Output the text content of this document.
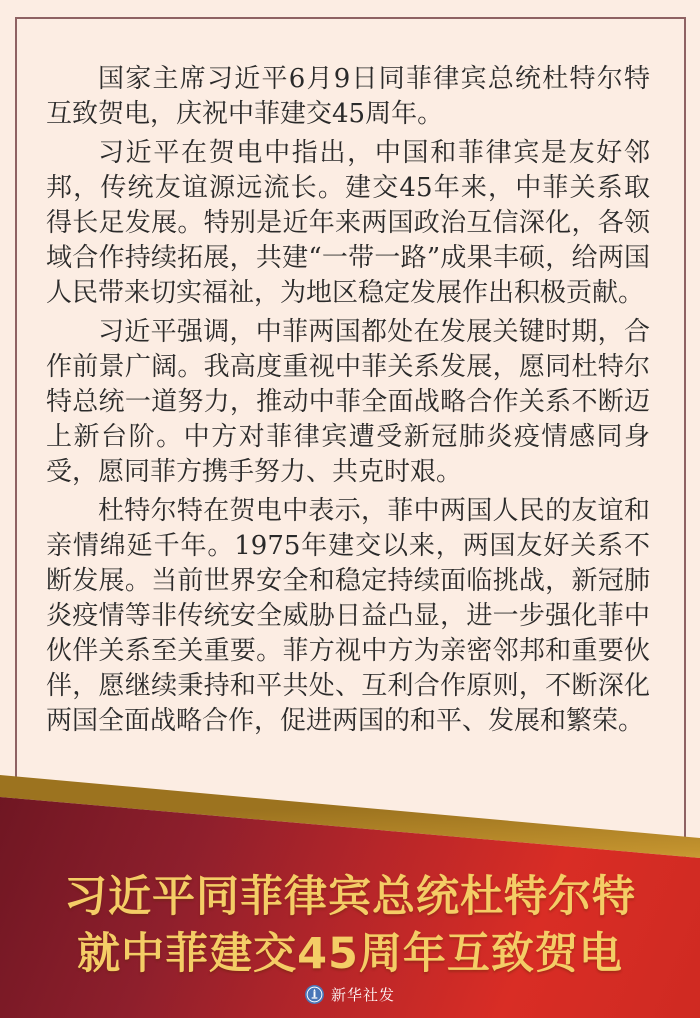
国家主席习近平6月9日同菲律宾总统杜特尔特互致贺电，庆祝中菲建交45周年。

习近平在贺电中指出，中国和菲律宾是友好邻邦，传统友谊源远流长。建交45年来，中菲关系取得长足发展。特别是近年来两国政治互信深化，各领域合作持续拓展，共建“一带一路”成果丰硕，给两国人民带来切实福祉，为地区稳定发展作出积极贡献。

习近平强调，中菲两国都处在发展关键时期，合作前景广阔。我高度重视中菲关系发展，愿同杜特尔特总统一道努力，推动中菲全面战略合作关系不断迈上新台阶。中方对菲律宾遭受新冠肺炎疫情感同身受，愿同菲方携手努力、共克时艰。

杜特尔特在贺电中表示，菲中两国人民的友谊和亲情绵延千年。1975年建交以来，两国友好关系不断发展。当前世界安全和稳定持续面临挑战，新冠肺炎疫情等非传统安全威胁日益凸显，进一步强化菲中伙伴关系至关重要。菲方视中方为亲密邻邦和重要伙伴，愿继续秉持和平共处、互利合作原则，不断深化两国全面战略合作，促进两国的和平、发展和繁荣。

习近平同菲律宾总统杜特尔特
就中菲建交45周年互致贺电
新华社发
